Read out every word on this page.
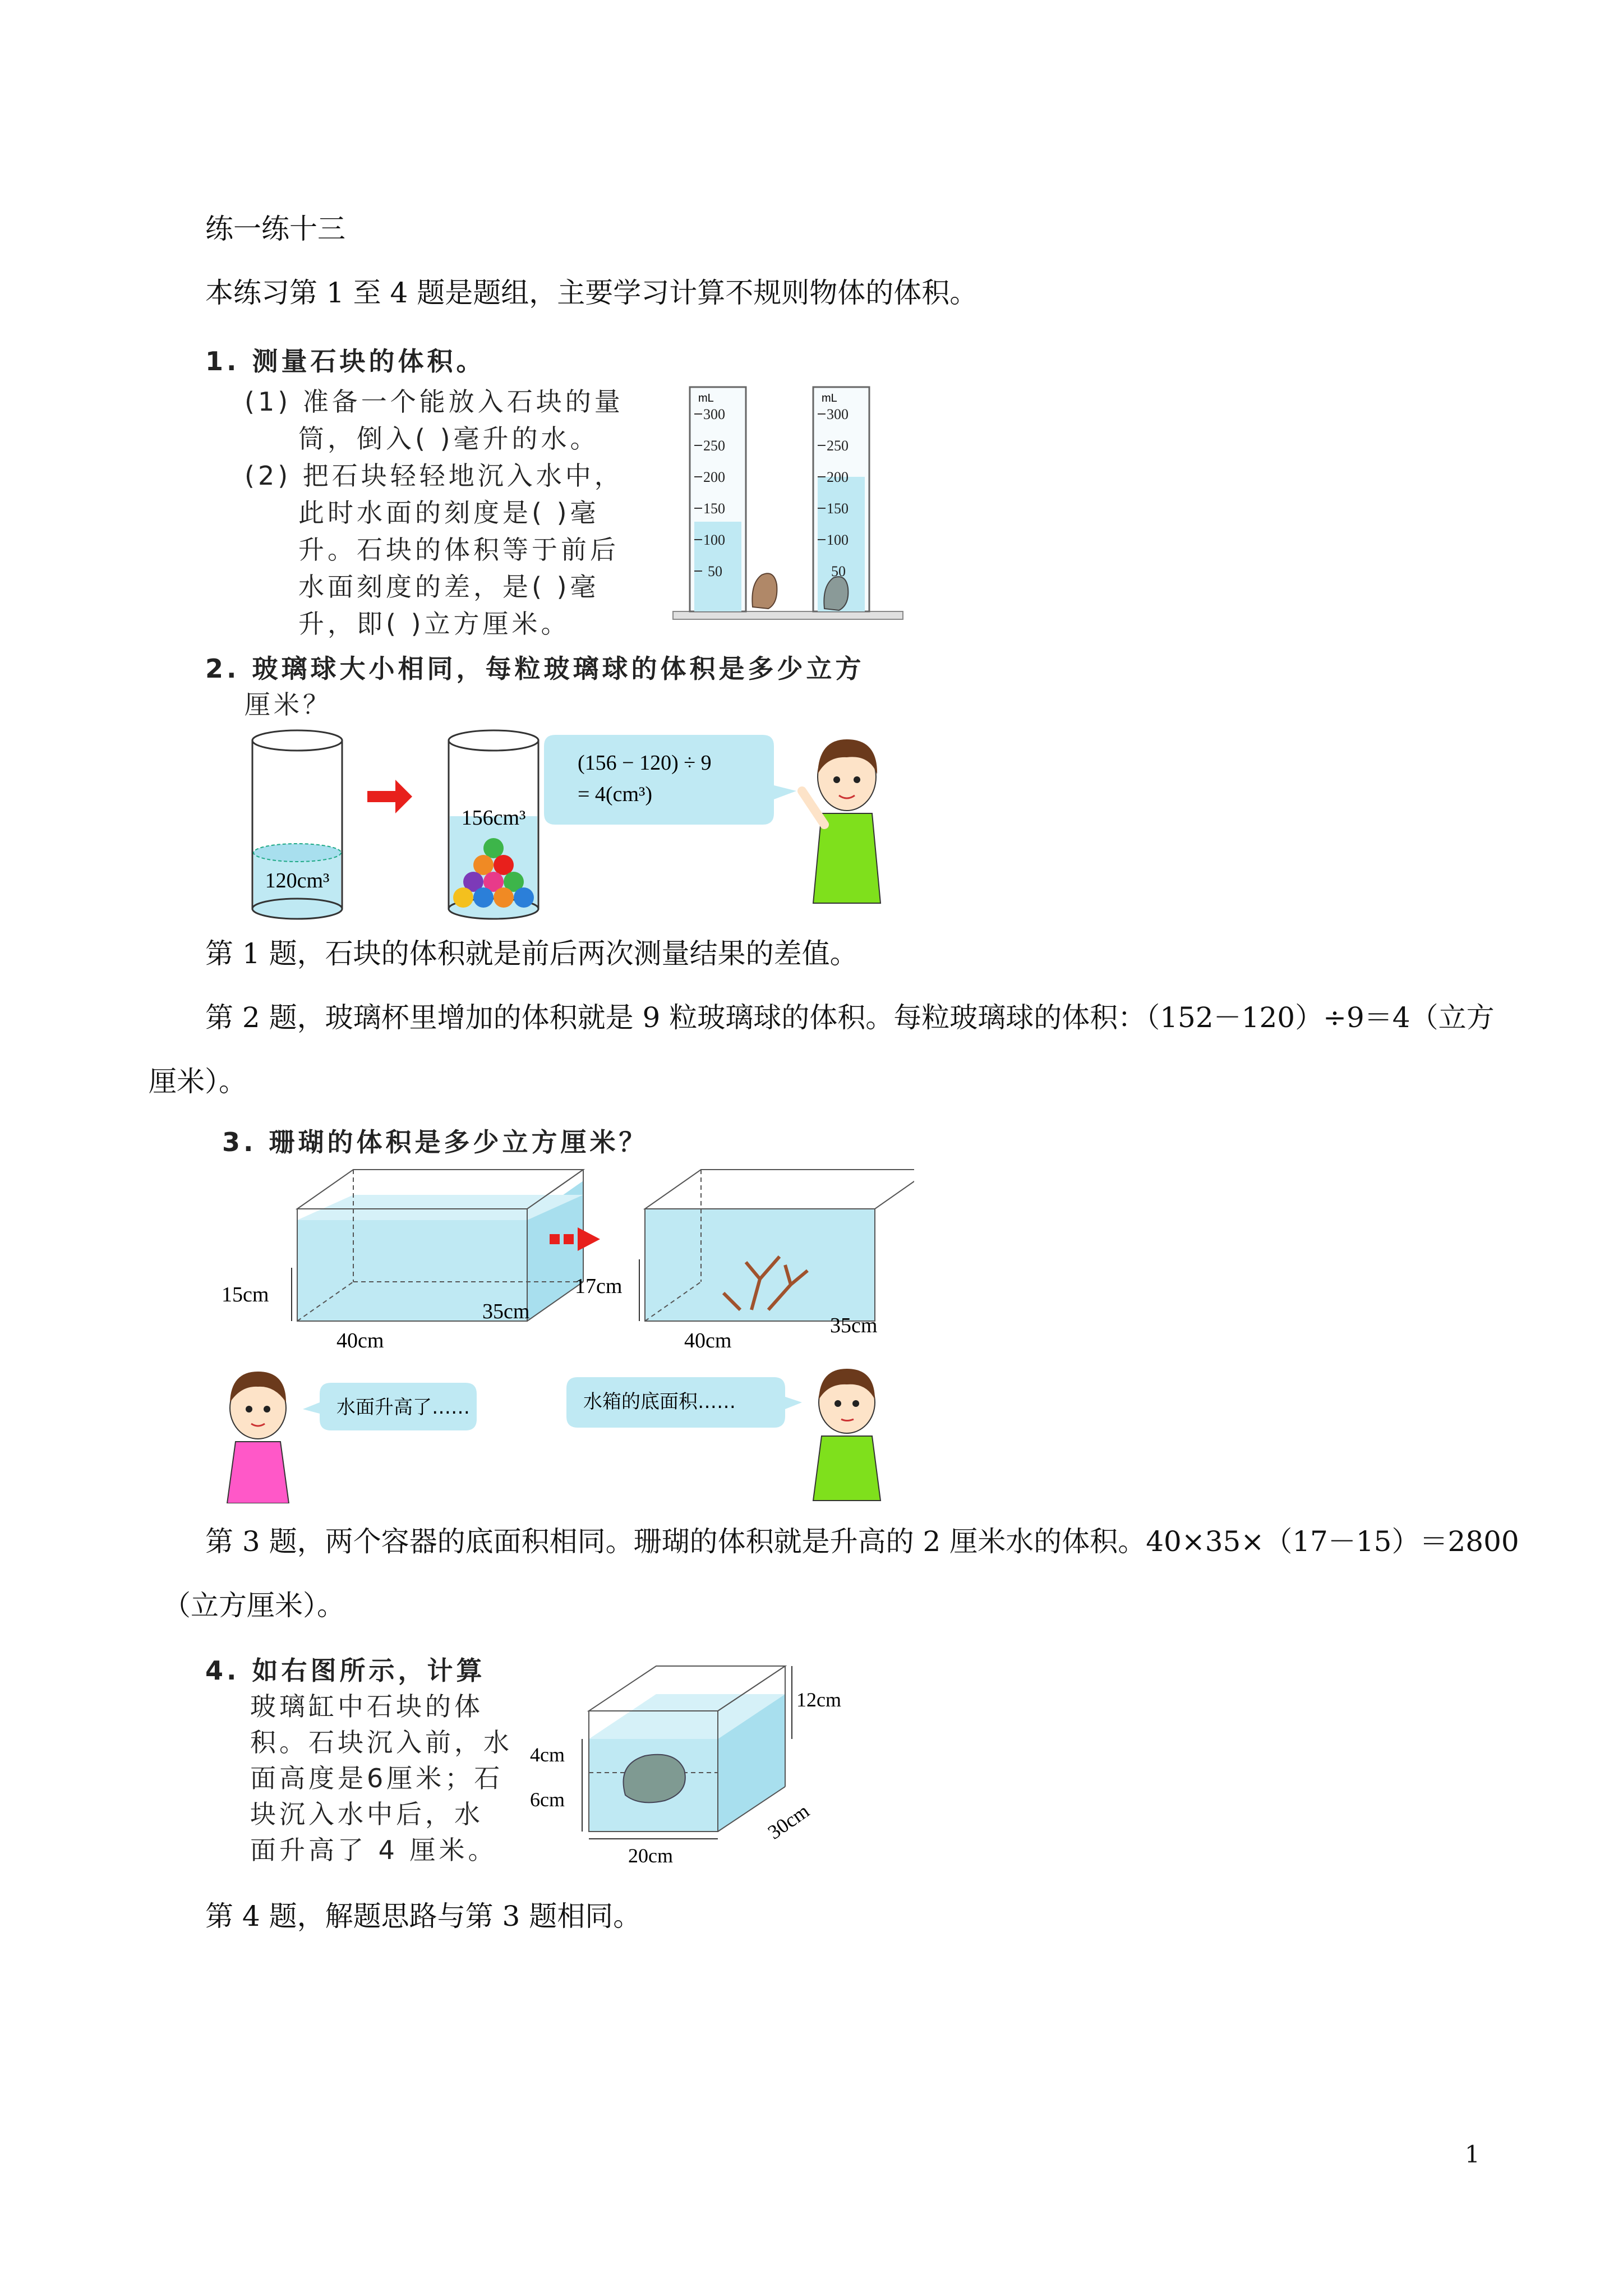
练一练十三
本练习第 1 至 4 题是题组，主要学习计算不规则物体的体积。
1. 测量石块的体积。
(1) 准备一个能放入石块的量
筒，倒入( )毫升的水。
(2) 把石块轻轻地沉入水中，
此时水面的刻度是( )毫
升。石块的体积等于前后
水面刻度的差，是( )毫
升，即( )立方厘米。
mL
300
250
200
150
100
50
mL
300
250
200
150
100
50
2. 玻璃球大小相同，每粒玻璃球的体积是多少立方
厘米？
120cm³
156cm³
(156 − 120) ÷ 9
= 4(cm³)
第 1 题，石块的体积就是前后两次测量结果的差值。
第 2 题，玻璃杯里增加的体积就是 9 粒玻璃球的体积。每粒玻璃球的体积：（152－120）÷9＝4（立方
厘米）。
3. 珊瑚的体积是多少立方厘米？
15cm
40cm
35cm
17cm
40cm
35cm
水面升高了……	水箱的底面积……
第 3 题，两个容器的底面积相同。珊瑚的体积就是升高的 2 厘米水的体积。40×35×（17－15）＝2800
（立方厘米）。
4. 如右图所示，计算
玻璃缸中石块的体
积。石块沉入前，水
面高度是6厘米；石
块沉入水中后，水
面升高了 4 厘米。
12cm
4cm
6cm
20cm
30cm
第 4 题，解题思路与第 3 题相同。
1
